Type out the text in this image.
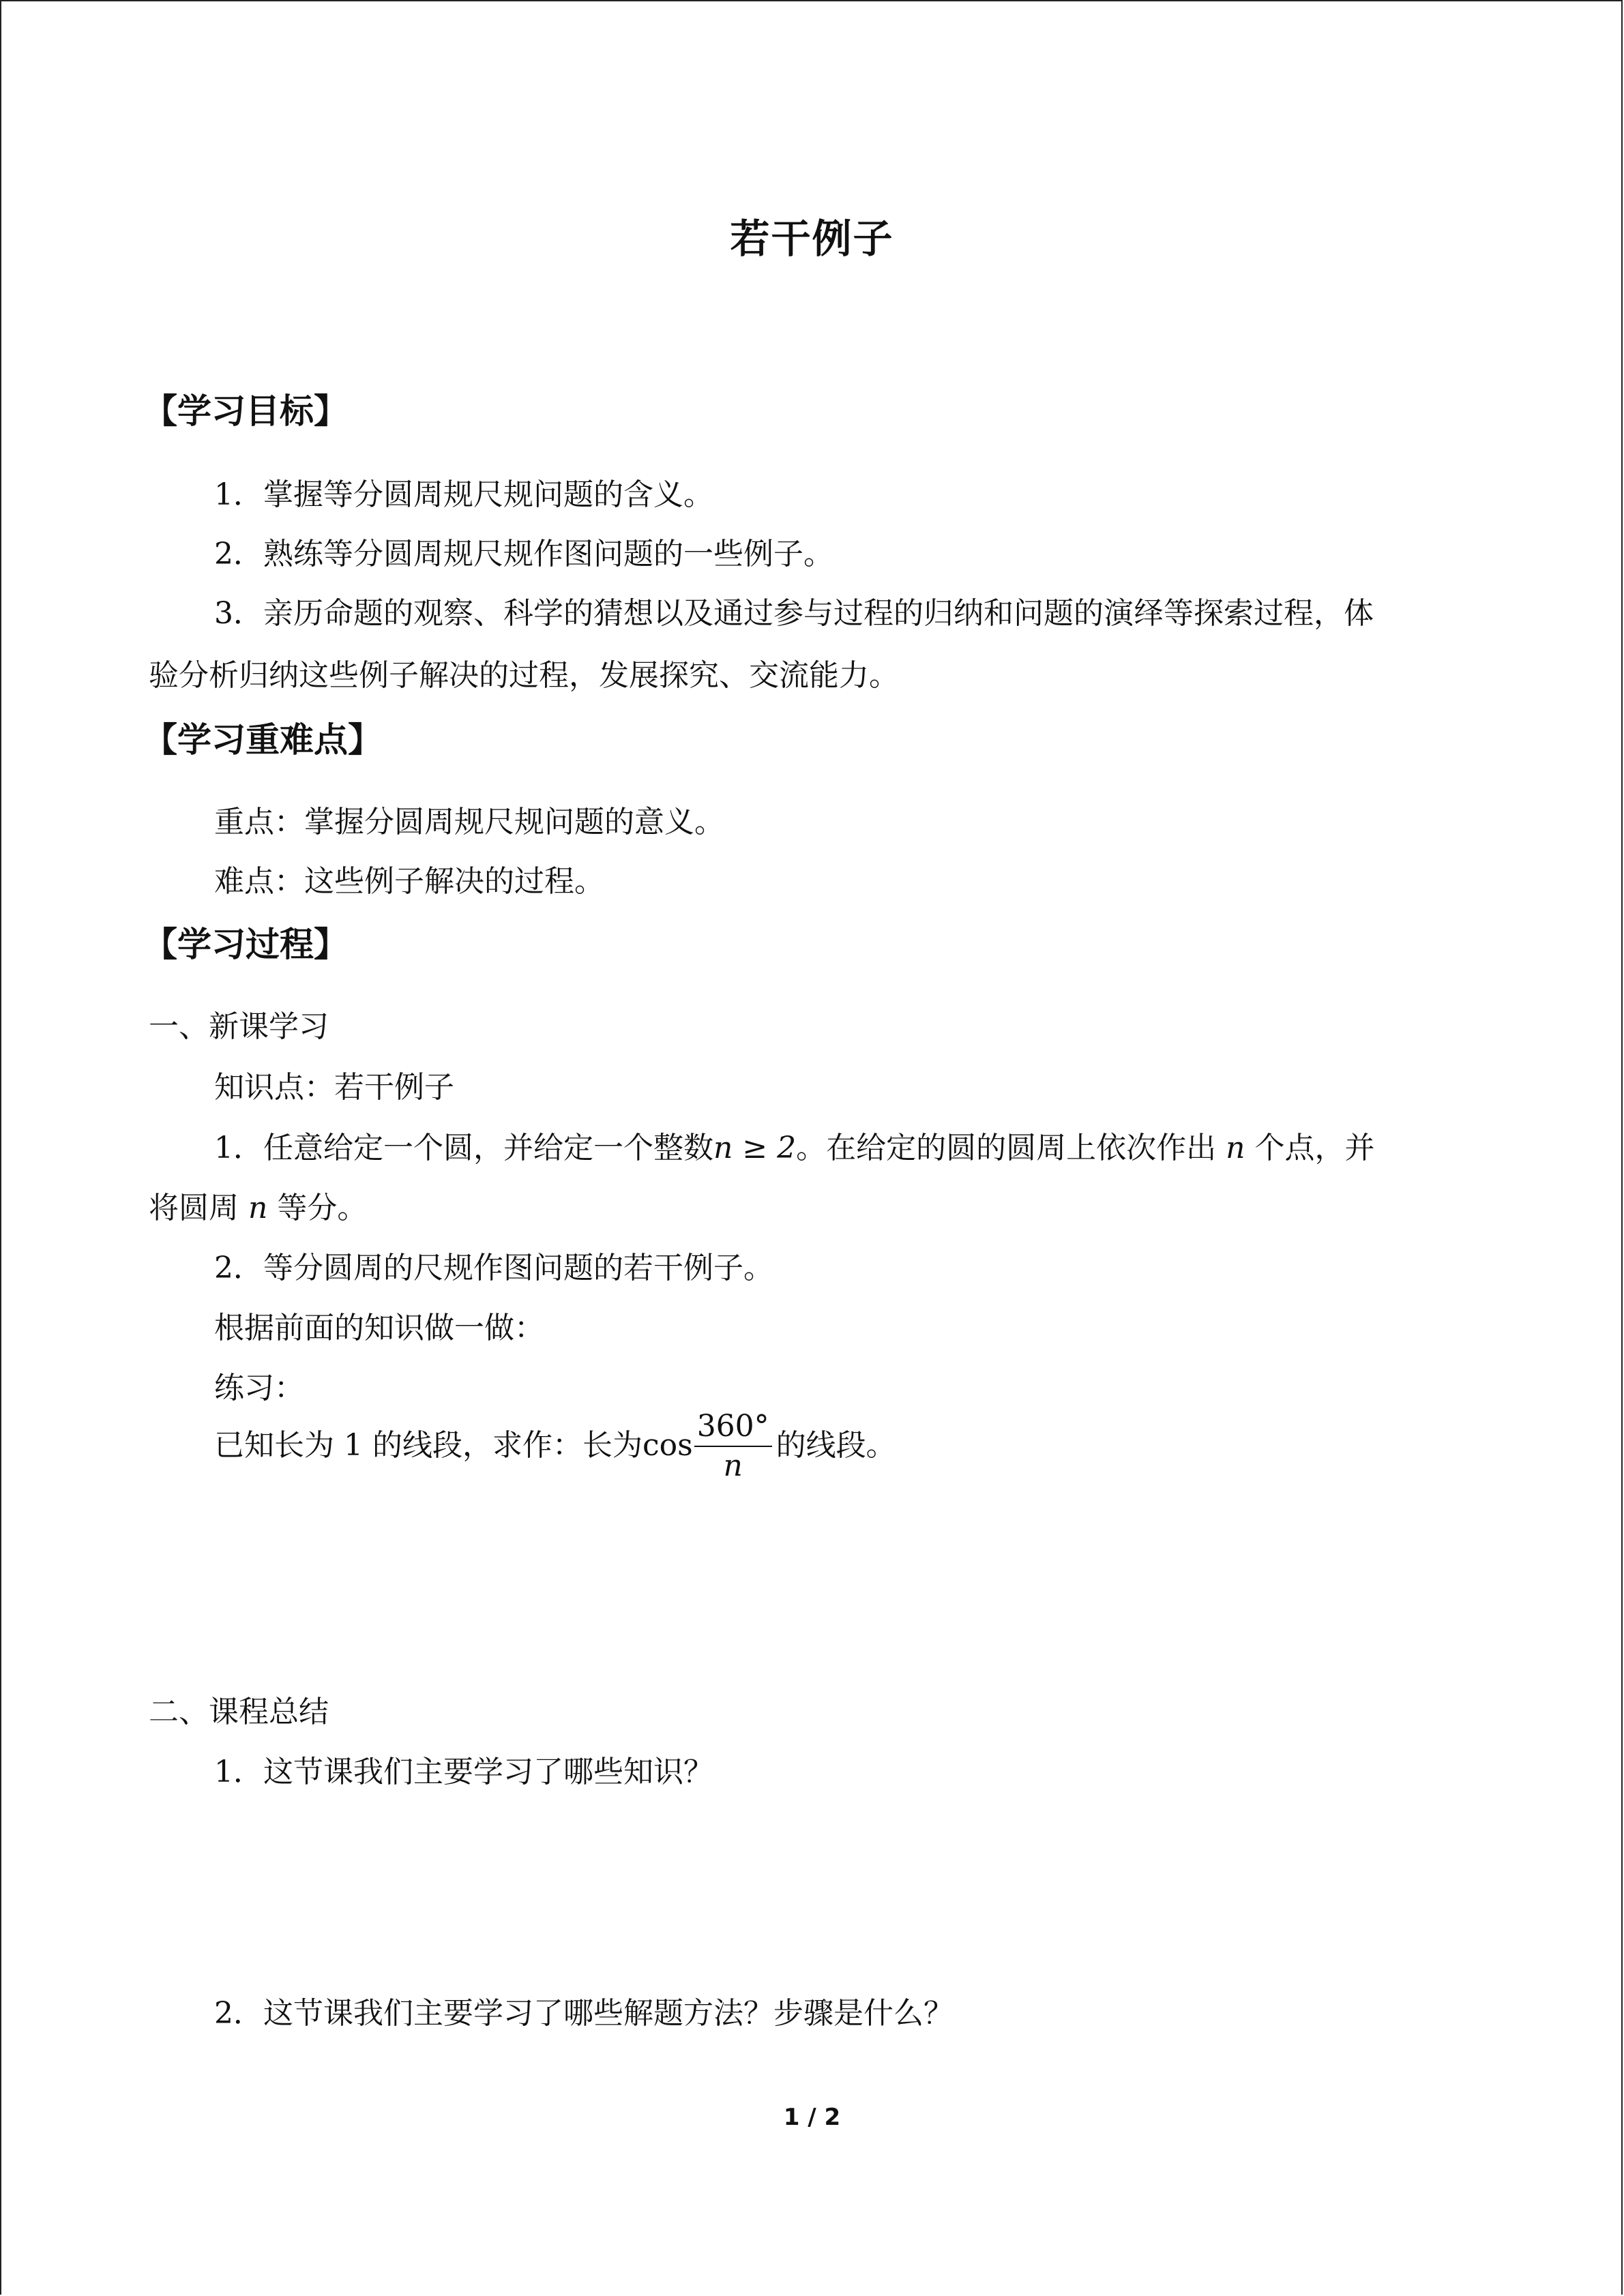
若干例子
【学习目标】
1．掌握等分圆周规尺规问题的含义。
2．熟练等分圆周规尺规作图问题的一些例子。
3．亲历命题的观察、科学的猜想以及通过参与过程的归纳和问题的演绎等探索过程，体
验分析归纳这些例子解决的过程，发展探究、交流能力。
【学习重难点】
重点：掌握分圆周规尺规问题的意义。
难点：这些例子解决的过程。
【学习过程】
一、新课学习
知识点：若干例子
1．任意给定一个圆，并给定一个整数n ≥ 2。在给定的圆的圆周上依次作出 n 个点，并
将圆周 n 等分。
2．等分圆周的尺规作图问题的若干例子。
根据前面的知识做一做：
练习：
已知长为 1 的线段，求作：长为$\cos \frac{360^\circ}{n}$ 的线段。
二、课程总结
1．这节课我们主要学习了哪些知识？
2．这节课我们主要学习了哪些解题方法？步骤是什么？
1 / 2
